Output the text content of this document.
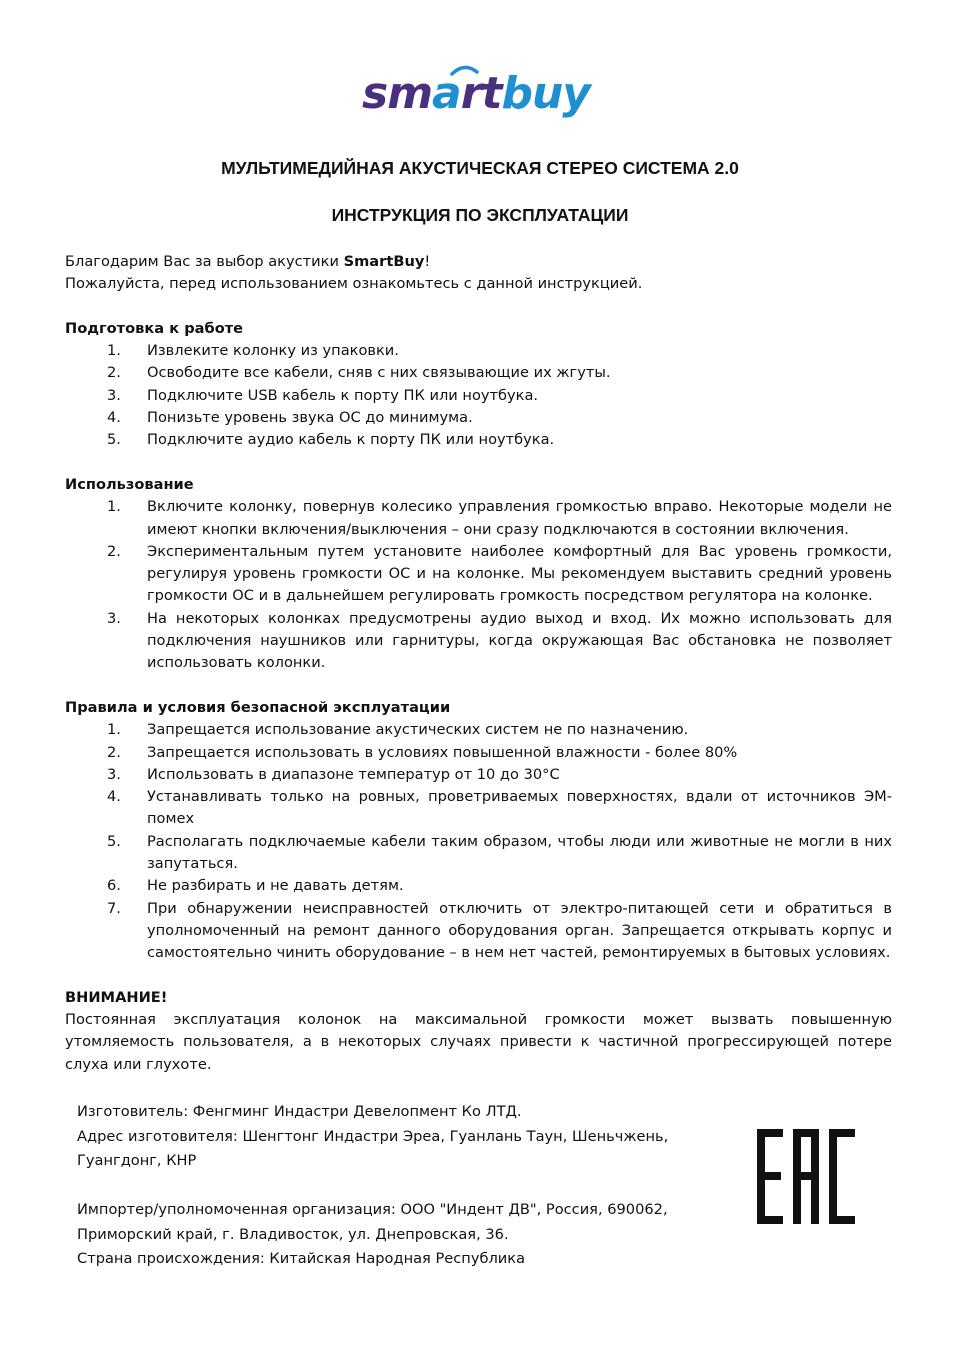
smartbuy
МУЛЬТИМЕДИЙНАЯ АКУСТИЧЕСКАЯ СТЕРЕО СИСТЕМА 2.0
ИНСТРУКЦИЯ ПО ЭКСПЛУАТАЦИИ

Благодарим Вас за выбор акустики SmartBuy!

Пожалуйста, перед использованием ознакомьтесь с данной инструкцией.

Подготовка к работе

1. Извлеките колонку из упаковки.
2. Освободите все кабели, сняв с них связывающие их жгуты.
3. Подключите USB кабель к порту ПК или ноутбука.
4. Понизьте уровень звука ОС до минимума.
5. Подключите аудио кабель к порту ПК или ноутбука.

Использование

1. Включите колонку, повернув колесико управления громкостью вправо. Некоторые модели не имеют кнопки включения/выключения – они сразу подключаются в состоянии включения.
2. Экспериментальным путем установите наиболее комфортный для Вас уровень громкости, регулируя уровень громкости ОС и на колонке. Мы рекомендуем выставить средний уровень громкости ОС и в дальнейшем регулировать громкость посредством регулятора на колонке.
3. На некоторых колонках предусмотрены аудио выход и вход. Их можно использовать для подключения наушников или гарнитуры, когда окружающая Вас обстановка не позволяет использовать колонки.

Правила и условия безопасной эксплуатации

1. Запрещается использование акустических систем не по назначению.
2. Запрещается использовать в условиях повышенной влажности - более 80%
3. Использовать в диапазоне температур от 10 до 30°С
4. Устанавливать только на ровных, проветриваемых поверхностях, вдали от источников ЭМ-помех
5. Располагать подключаемые кабели таким образом, чтобы люди или животные не могли в них запутаться.
6. Не разбирать и не давать детям.
7. При обнаружении неисправностей отключить от электро-питающей сети и обратиться в уполномоченный на ремонт данного оборудования орган. Запрещается открывать корпус и самостоятельно чинить оборудование – в нем нет частей, ремонтируемых в бытовых условиях.

ВНИМАНИЕ!

Постоянная эксплуатация колонок на максимальной громкости может вызвать повышенную утомляемость пользователя, а в некоторых случаях привести к частичной прогрессирующей потере слуха или глухоте.

Изготовитель: Фенгминг Индастри Девелопмент Ко ЛТД.

Адрес изготовителя: Шенгтонг Индастри Эреа, Гуанлань Таун, Шеньчжень,

Гуангдонг, КНР

Импортер/уполномоченная организация: ООО "Индент ДВ", Россия, 690062,

Приморский край, г. Владивосток, ул. Днепровская, 36.

Страна происхождения: Китайская Народная Республика
